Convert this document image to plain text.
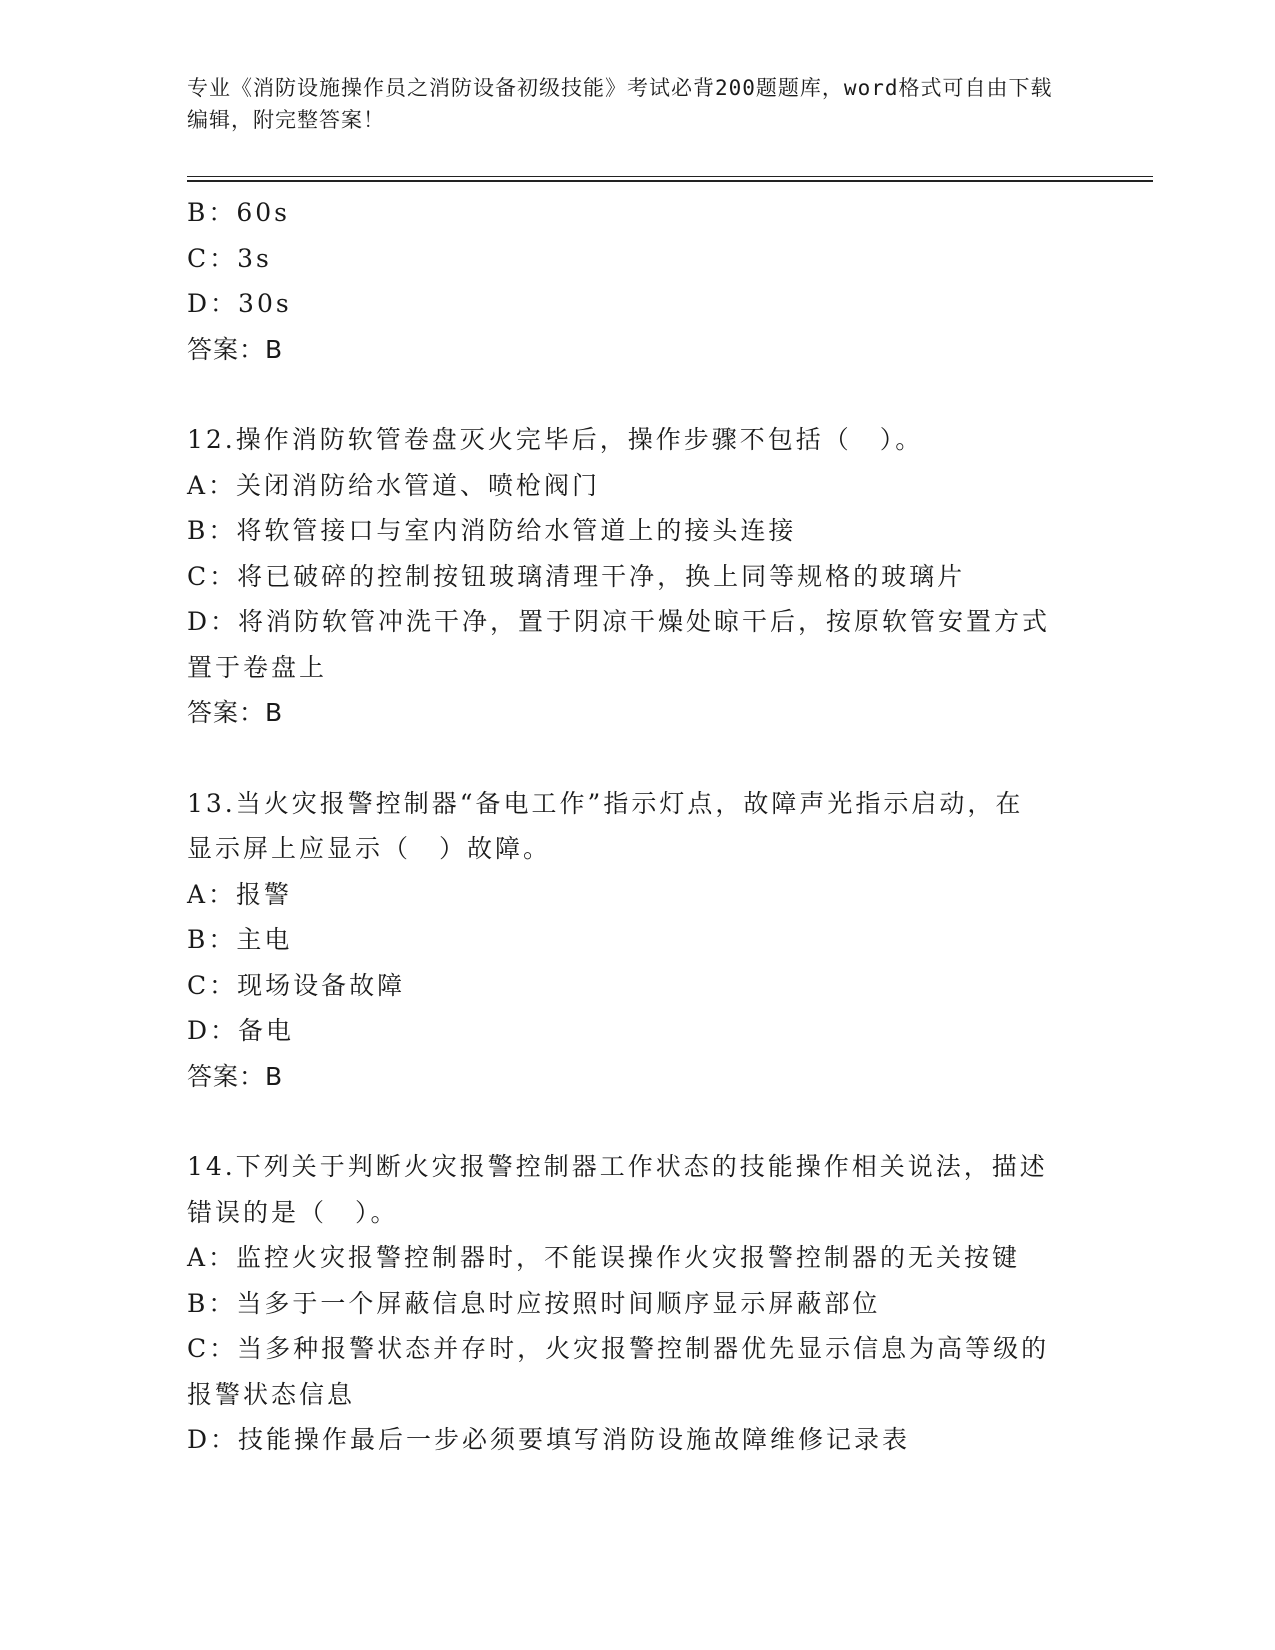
专业《消防设施操作员之消防设备初级技能》考试必背200题题库，word格式可自由下载编辑，附完整答案！
B：60s
C：3s
D：30s
答案：B
12.操作消防软管卷盘灭火完毕后，操作步骤不包括（　）。
A：关闭消防给水管道、喷枪阀门
B：将软管接口与室内消防给水管道上的接头连接
C：将已破碎的控制按钮玻璃清理干净，换上同等规格的玻璃片
D：将消防软管冲洗干净，置于阴凉干燥处晾干后，按原软管安置方式
置于卷盘上
答案：B
13.当火灾报警控制器“备电工作”指示灯点，故障声光指示启动，在
显示屏上应显示（　）故障。
A：报警
B：主电
C：现场设备故障
D：备电
答案：B
14.下列关于判断火灾报警控制器工作状态的技能操作相关说法，描述
错误的是（　）。
A：监控火灾报警控制器时，不能误操作火灾报警控制器的无关按键
B：当多于一个屏蔽信息时应按照时间顺序显示屏蔽部位
C：当多种报警状态并存时，火灾报警控制器优先显示信息为高等级的
报警状态信息
D：技能操作最后一步必须要填写消防设施故障维修记录表
